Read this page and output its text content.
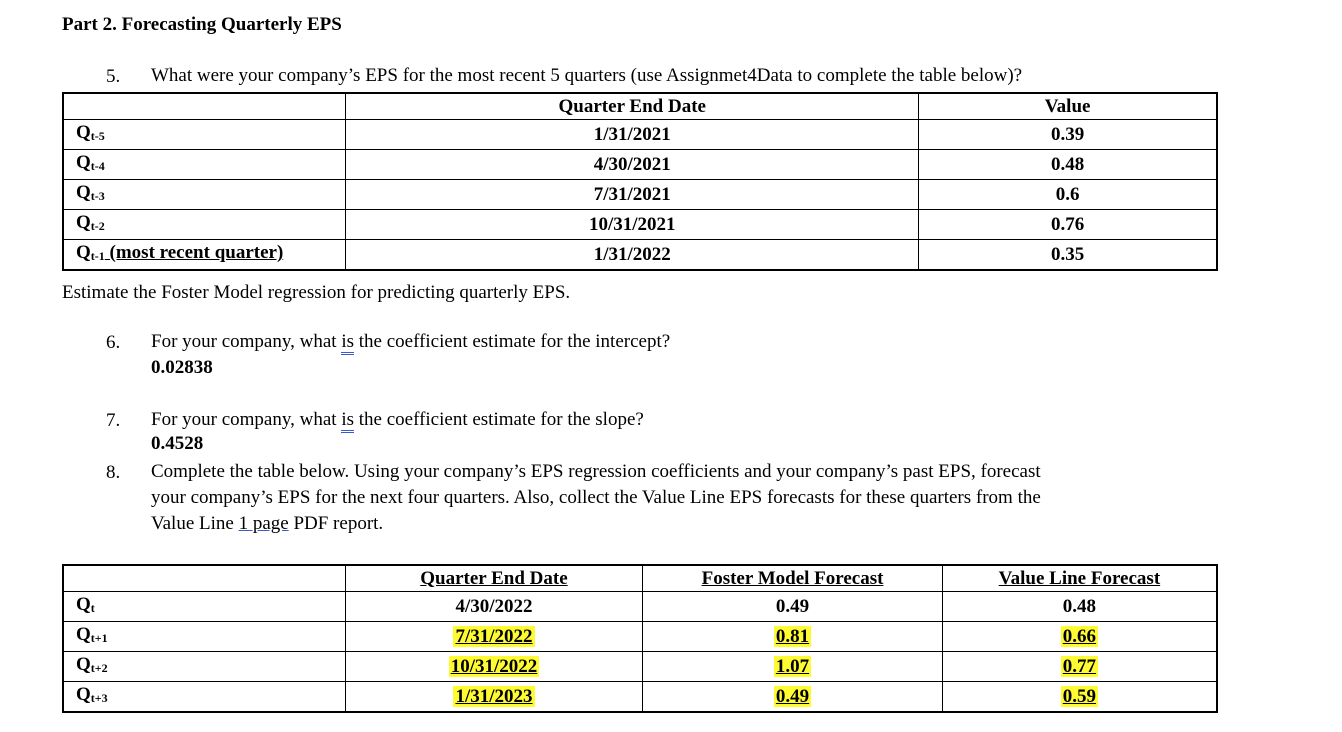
Part 2. Forecasting Quarterly EPS
5. What were your company’s EPS for the most recent 5 quarters (use Assignmet4Data to complete the table below)?
	Quarter End Date	Value
$Q_{t-5}$	1/31/2021	0.39
$Q_{t-4}$	4/30/2021	0.48
$Q_{t-3}$	7/31/2021	0.6
$Q_{t-2}$	10/31/2021	0.76
$Q_{t-1}$ (most recent quarter)	1/31/2022	0.35
Estimate the Foster Model regression for predicting quarterly EPS.
6. For your company, what is the coefficient estimate for the intercept?
0.02838
7. For your company, what is the coefficient estimate for the slope?
0.4528
8. Complete the table below. Using your company’s EPS regression coefficients and your company’s past EPS, forecast
your company’s EPS for the next four quarters. Also, collect the Value Line EPS forecasts for these quarters from the
Value Line 1 page PDF report.
	Quarter End Date	Foster Model Forecast	Value Line Forecast
$Q_t$	4/30/2022	0.49	0.48
$Q_{t+1}$	7/31/2022	0.81	0.66
$Q_{t+2}$	10/31/2022	1.07	0.77
$Q_{t+3}$	1/31/2023	0.49	0.59
